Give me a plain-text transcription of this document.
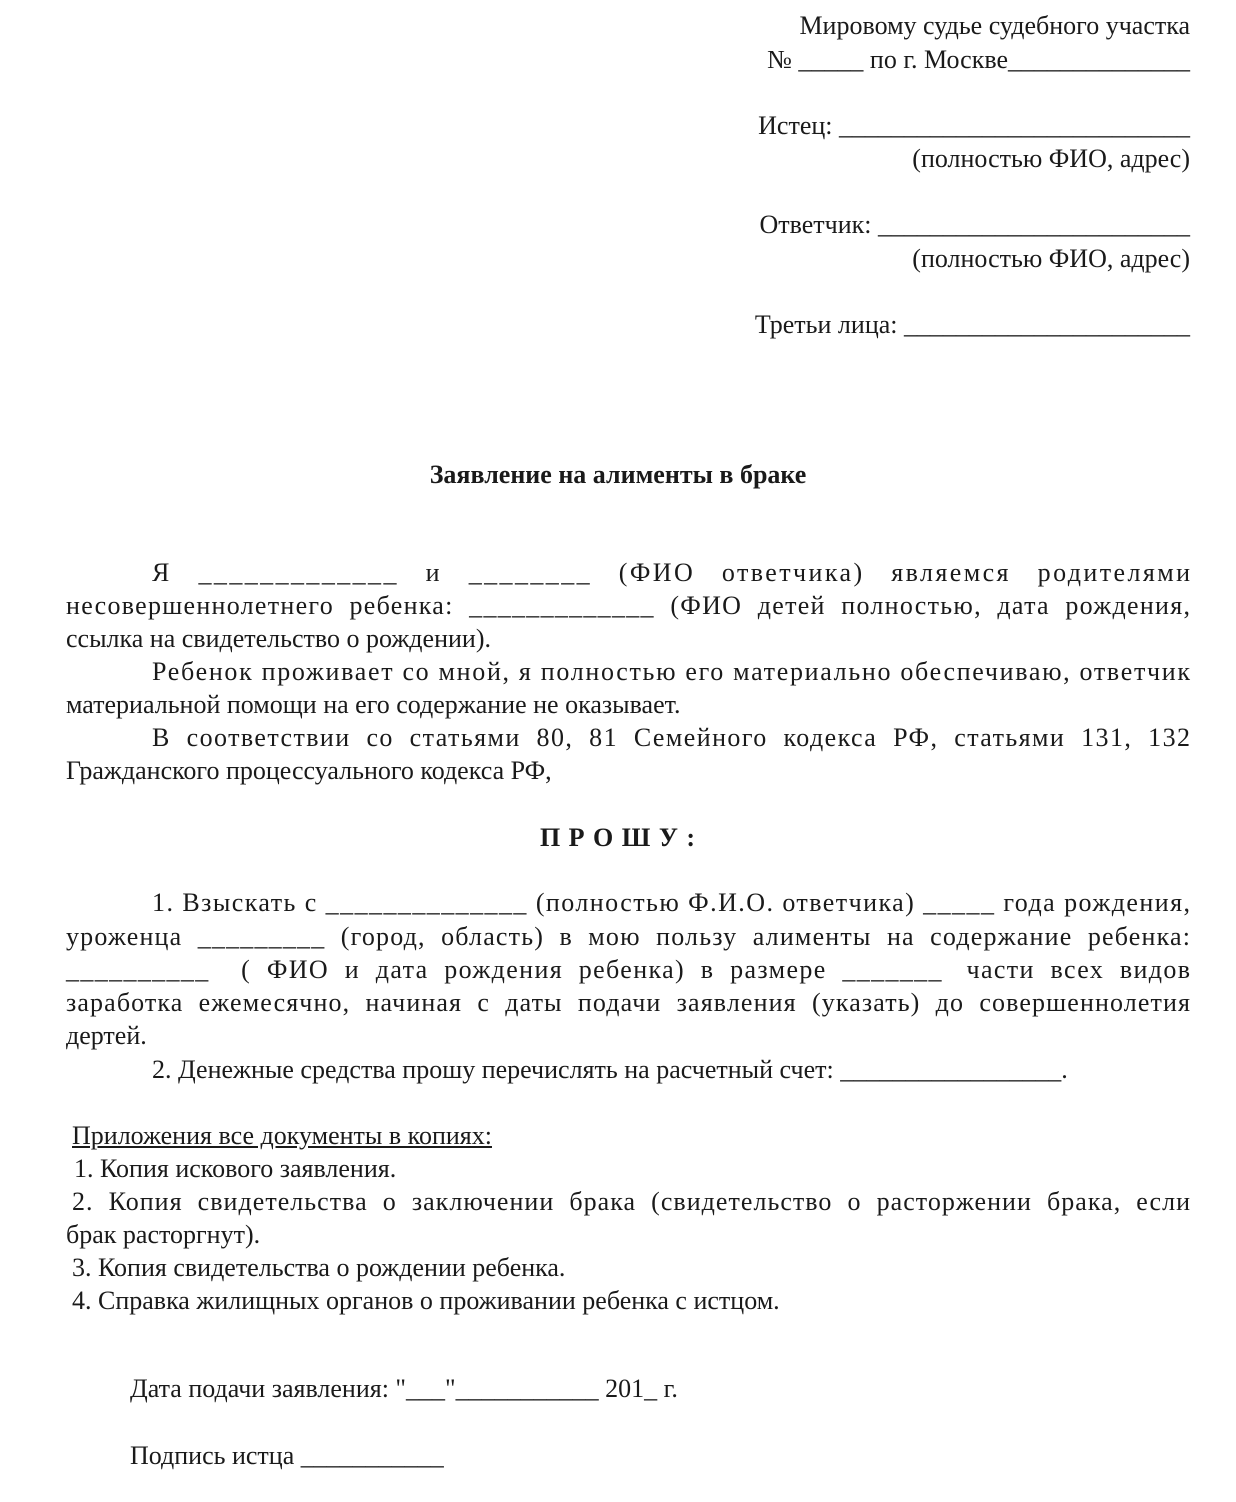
Мировому судье судебного участка
№ _____ по г. Москве______________
Истец: ___________________________
(полностью ФИО, адрес)
Ответчик: ________________________
(полностью ФИО, адрес)
Третьи лица: ______________________
Заявление на алименты в браке
Я   _____________   и   ________   (ФИО   ответчика)   являемся   родителями
несовершеннолетнего  ребенка:  _____________  (ФИО  детей  полностью,  дата  рождения,
ссылка на свидетельство о рождении).
Ребенок проживает со мной, я полностью его материально обеспечиваю, ответчик
материальной помощи на его содержание не оказывает.
В  соответствии  со  статьями  80,  81  Семейного  кодекса  РФ,  статьями  131,  132
Гражданского процессуального кодекса РФ,
П Р О Ш У :
1. Взыскать с ______________ (полностью Ф.И.О. ответчика) _____ года рождения,
уроженца  _________  (город,  область)  в  мою  пользу  алименты  на  содержание  ребенка:
__________    (  ФИО  и  дата  рождения  ребенка)  в  размере  _______   части  всех  видов
заработка  ежемесячно,  начиная  с  даты  подачи  заявления  (указать)  до  совершеннолетия
дертей.
2. Денежные средства прошу перечислять на расчетный счет: _________________.
Приложения все документы в копиях:
1. Копия искового заявления.
2.  Копия  свидетельства  о  заключении  брака  (свидетельство  о  расторжении  брака,  если
брак расторгнут).
3. Копия свидетельства о рождении ребенка.
4. Справка жилищных органов о проживании ребенка с истцом.
Дата подачи заявления: "___"___________ 201_ г.
Подпись истца ___________
